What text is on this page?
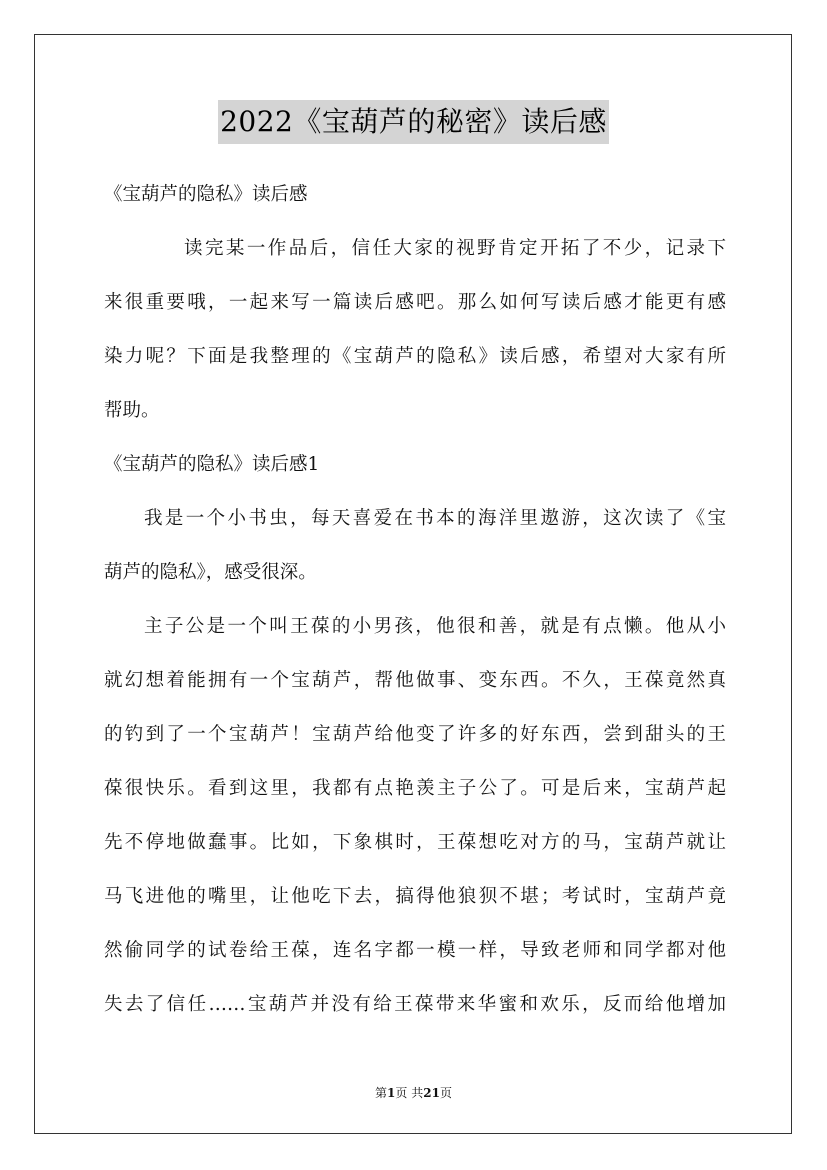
2022《宝葫芦的秘密》读后感
《宝葫芦的隐私》读后感
读完某一作品后，信任大家的视野肯定开拓了不少，记录下
来很重要哦，一起来写一篇读后感吧。那么如何写读后感才能更有感
染力呢？下面是我整理的《宝葫芦的隐私》读后感，希望对大家有所
帮助。
《宝葫芦的隐私》读后感1
我是一个小书虫，每天喜爱在书本的海洋里遨游，这次读了《宝
葫芦的隐私》，感受很深。
主子公是一个叫王葆的小男孩，他很和善，就是有点懒。他从小
就幻想着能拥有一个宝葫芦，帮他做事、变东西。不久，王葆竟然真
的钓到了一个宝葫芦！宝葫芦给他变了许多的好东西，尝到甜头的王
葆很快乐。看到这里，我都有点艳羡主子公了。可是后来，宝葫芦起
先不停地做蠢事。比如，下象棋时，王葆想吃对方的马，宝葫芦就让
马飞进他的嘴里，让他吃下去，搞得他狼狈不堪；考试时，宝葫芦竟
然偷同学的试卷给王葆，连名字都一模一样，导致老师和同学都对他
失去了信任……宝葫芦并没有给王葆带来华蜜和欢乐，反而给他增加
第1页 共21页
